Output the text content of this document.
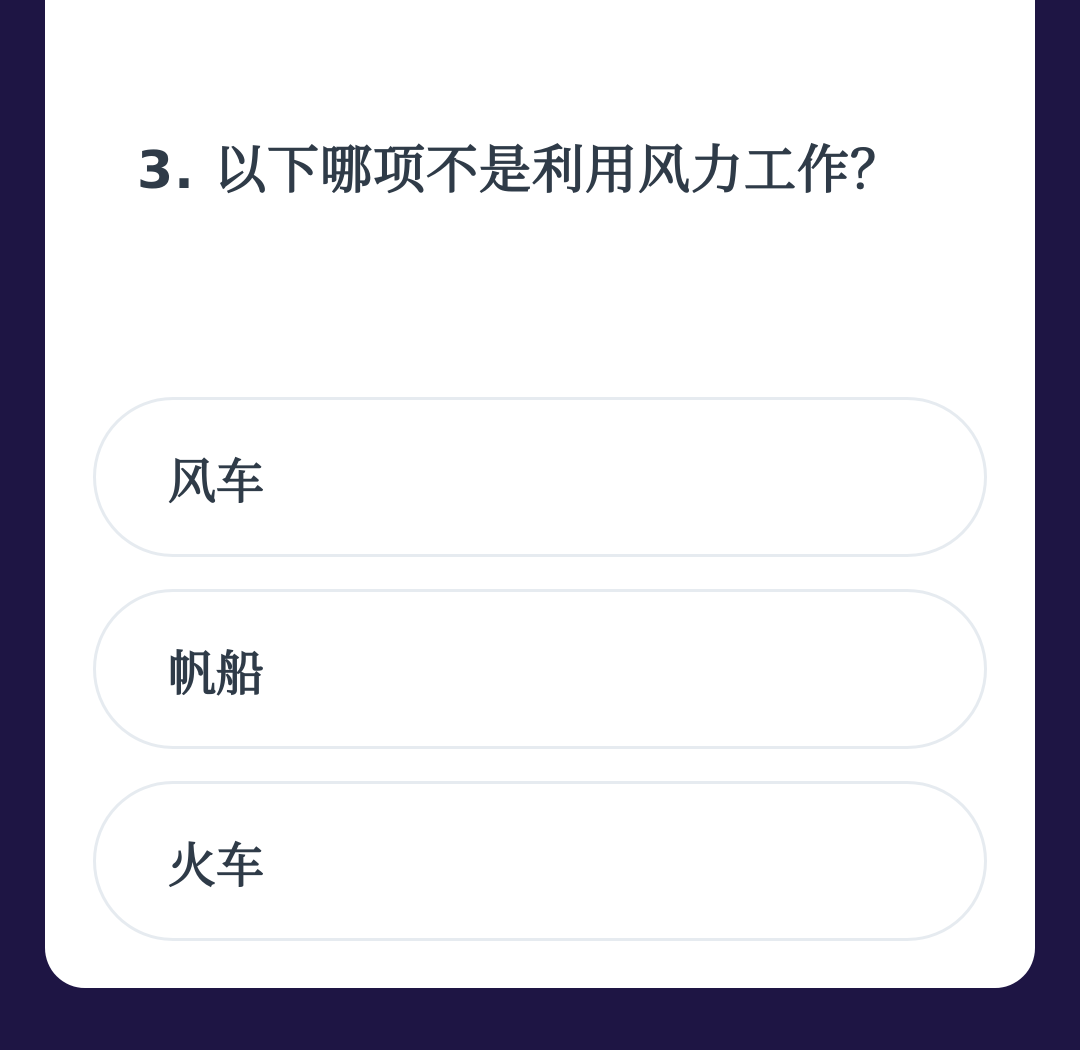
3. 以下哪项不是利用风力工作？
风车
帆船
火车
